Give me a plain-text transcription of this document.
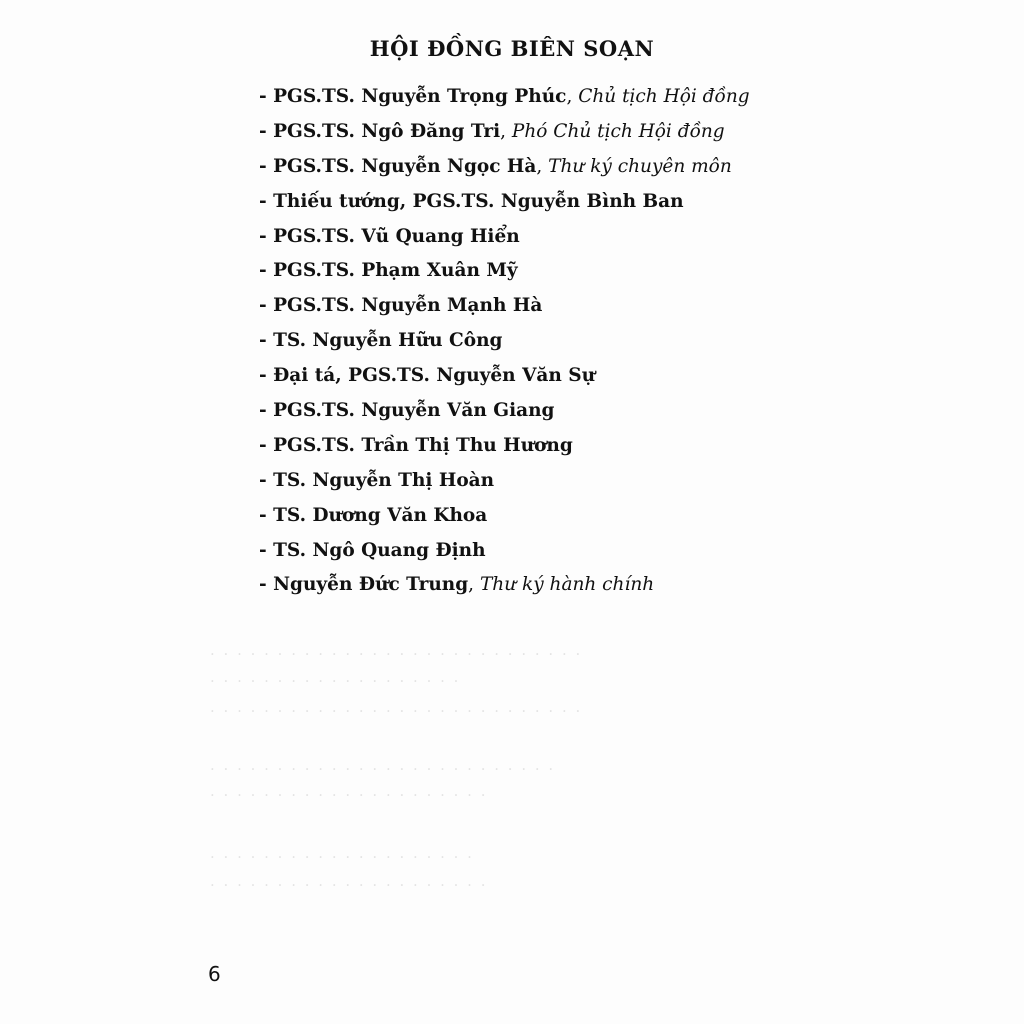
· · · · · · · · · · · · · · · · · · · · · · · · · · · ·
· · · · · · · · · · · · · · · · · · ·
· · · · · · · · · · · · · · · · · · · · · · · · · · · ·
· · · · · · · · · · · · · · · · · · · · · · · · · ·
· · · · · · · · · · · · · · · · · · · · ·
· · · · · · · · · · · · · · · · · · · ·
· · · · · · · · · · · · · · · · · · · · ·
HỘI ĐỒNG BIÊN SOẠN
- PGS.TS. Nguyễn Trọng Phúc, Chủ tịch Hội đồng
- PGS.TS. Ngô Đăng Tri, Phó Chủ tịch Hội đồng
- PGS.TS. Nguyễn Ngọc Hà, Thư ký chuyên môn
- Thiếu tướng, PGS.TS. Nguyễn Bình Ban
- PGS.TS. Vũ Quang Hiển
- PGS.TS. Phạm Xuân Mỹ
- PGS.TS. Nguyễn Mạnh Hà
- TS. Nguyễn Hữu Công
- Đại tá, PGS.TS. Nguyễn Văn Sự
- PGS.TS. Nguyễn Văn Giang
- PGS.TS. Trần Thị Thu Hương
- TS. Nguyễn Thị Hoàn
- TS. Dương Văn Khoa
- TS. Ngô Quang Định
- Nguyễn Đức Trung, Thư ký hành chính
6
